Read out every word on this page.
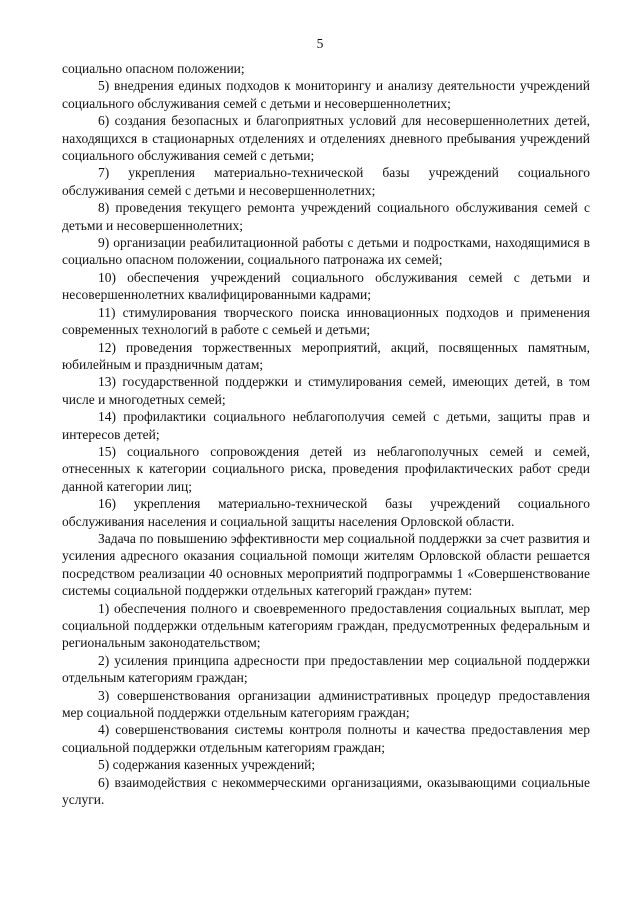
5

социально опасном положении;

5) внедрения единых подходов к мониторингу и анализу деятельности учреждений социального обслуживания семей с детьми и несовершеннолетних;

6) создания безопасных и благоприятных условий для несовершеннолетних детей, находящихся в стационарных отделениях и отделениях дневного пребывания учреждений социального обслуживания семей с детьми;

7) укрепления материально-технической базы учреждений социального обслуживания семей с детьми и несовершеннолетних;

8) проведения текущего ремонта учреждений социального обслуживания семей с детьми и несовершеннолетних;

9) организации реабилитационной работы с детьми и подростками, находящимися в социально опасном положении, социального патронажа их семей;

10) обеспечения учреждений социального обслуживания семей с детьми и несовершеннолетних квалифицированными кадрами;

11) стимулирования творческого поиска инновационных подходов и применения современных технологий в работе с семьей и детьми;

12) проведения торжественных мероприятий, акций, посвященных памятным, юбилейным и праздничным датам;

13) государственной поддержки и стимулирования семей, имеющих детей, в том числе и многодетных семей;

14) профилактики социального неблагополучия семей с детьми, защиты прав и интересов детей;

15) социального сопровождения детей из неблагополучных семей и семей, отнесенных к категории социального риска, проведения профилактических работ среди данной категории лиц;

16) укрепления материально-технической базы учреждений социального обслуживания населения и социальной защиты населения Орловской области.

Задача по повышению эффективности мер социальной поддержки за счет развития и усиления адресного оказания социальной помощи жителям Орловской области решается посредством реализации 40 основных мероприятий подпрограммы 1 «Совершенствование системы социальной поддержки отдельных категорий граждан» путем:

1) обеспечения полного и своевременного предоставления социальных выплат, мер социальной поддержки отдельным категориям граждан, предусмотренных федеральным и региональным законодательством;

2) усиления принципа адресности при предоставлении мер социальной поддержки отдельным категориям граждан;

3) совершенствования организации административных процедур предоставления мер социальной поддержки отдельным категориям граждан;

4) совершенствования системы контроля полноты и качества предоставления мер социальной поддержки отдельным категориям граждан;

5) содержания казенных учреждений;

6) взаимодействия с некоммерческими организациями, оказывающими социальные услуги.
